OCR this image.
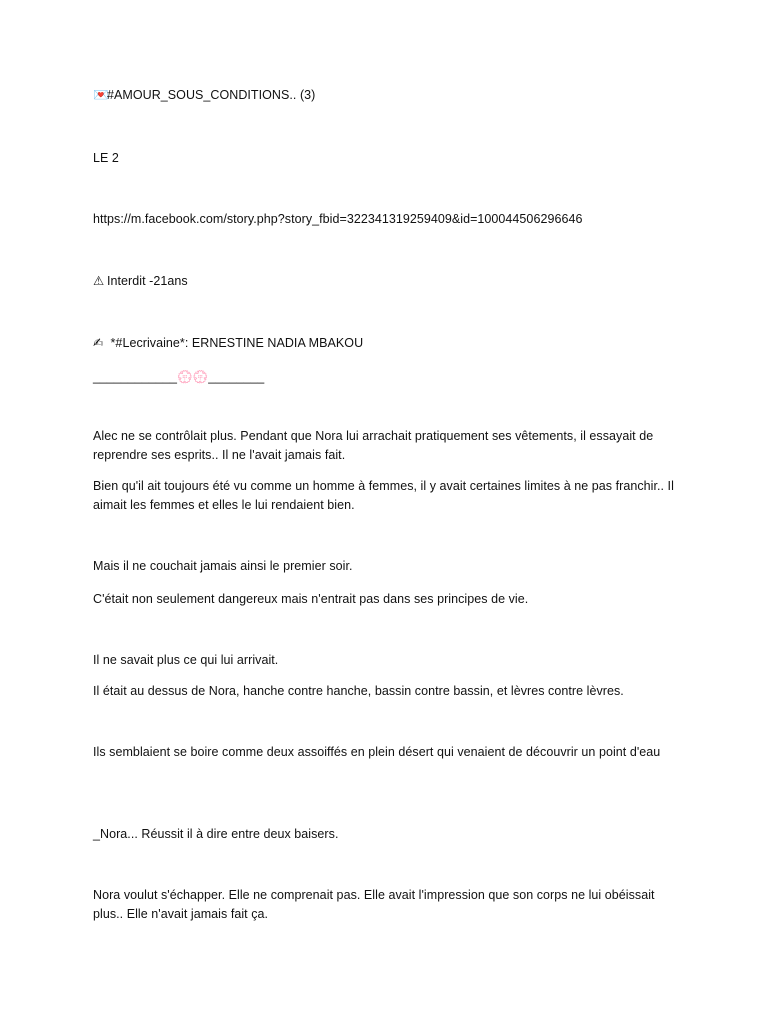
💌#AMOUR_SOUS_CONDITIONS.. (3)
LE 2
https://m.facebook.com/story.php?story_fbid=322341319259409&id=100044506296646
⚠ Interdit -21ans
✍ *#Lecrivaine*: ERNESTINE NADIA MBAKOU
____________💮💮________
Alec ne se contrôlait plus. Pendant que Nora lui arrachait pratiquement ses vêtements, il essayait de reprendre ses esprits.. Il ne l'avait jamais fait.
Bien qu'il ait toujours été vu comme un homme à femmes, il y avait certaines limites à ne pas franchir.. Il aimait les femmes et elles le lui rendaient bien.
Mais il ne couchait jamais ainsi le premier soir.
C'était non seulement dangereux mais n'entrait pas dans ses principes de vie.
Il ne savait plus ce qui lui arrivait.
Il était au dessus de Nora, hanche contre hanche, bassin contre bassin, et lèvres contre lèvres.
Ils semblaient se boire comme deux assoiffés en plein désert qui venaient de découvrir un point d'eau
_Nora... Réussit il à dire entre deux baisers.
Nora voulut s'échapper. Elle ne comprenait pas. Elle avait l'impression que son corps ne lui obéissait plus.. Elle n'avait jamais fait ça.
